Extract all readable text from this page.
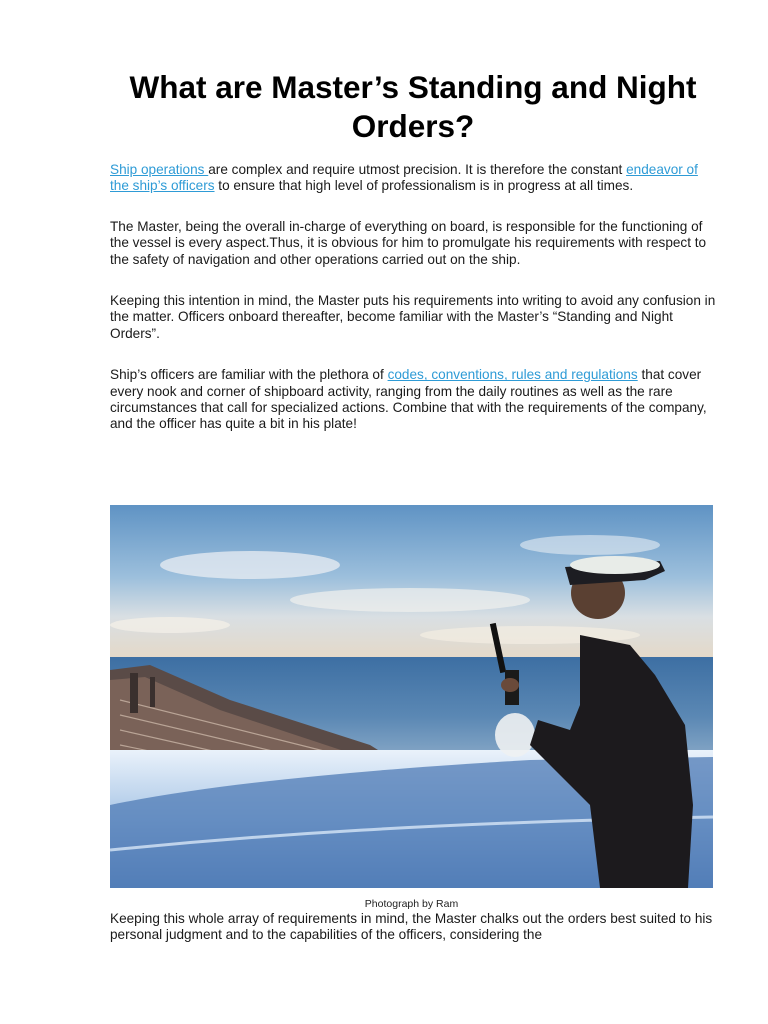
What are Master’s Standing and Night Orders?

Ship operations are complex and require utmost precision. It is therefore the constant endeavor of the ship’s officers to ensure that high level of professionalism is in progress at all times.

The Master, being the overall in-charge of everything on board, is responsible for the functioning of the vessel is every aspect.Thus, it is obvious for him to promulgate his requirements with respect to the safety of navigation and other operations carried out on the ship.

Keeping this intention in mind, the Master puts his requirements into writing to avoid any confusion in the matter. Officers onboard thereafter, become familiar with the Master’s “Standing and Night Orders”.

Ship’s officers are familiar with the plethora of codes, conventions, rules and regulations that cover every nook and corner of shipboard activity, ranging from the daily routines as well as the rare circumstances that call for specialized actions. Combine that with the requirements of the company, and the officer has quite a bit in his plate!

Photograph by Ram

Keeping this whole array of requirements in mind, the Master chalks out the orders best suited to his personal judgment and to the capabilities of the officers, considering the
